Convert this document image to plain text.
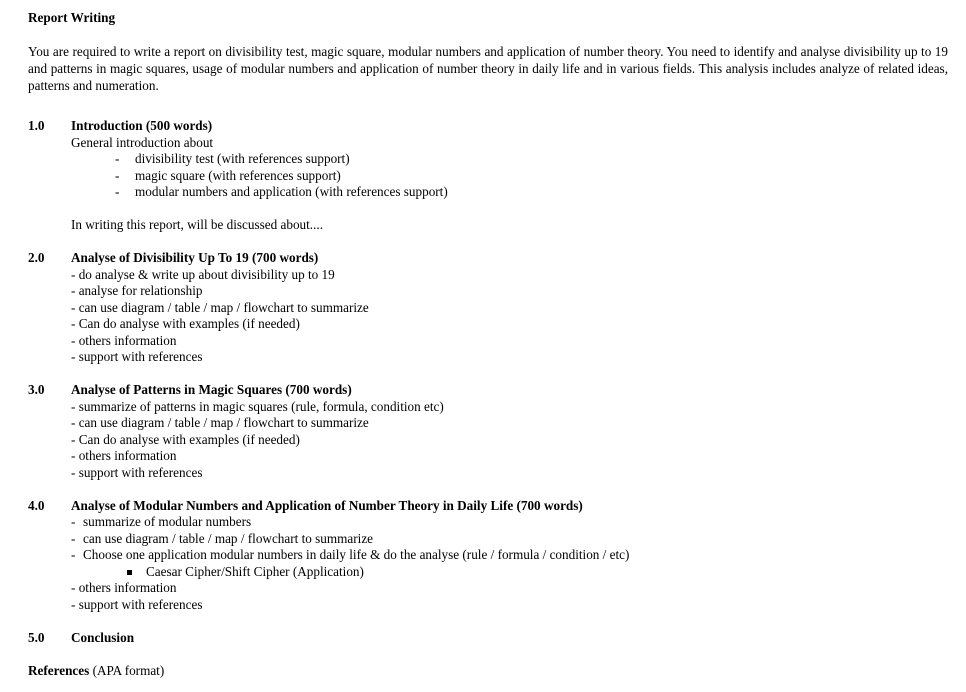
Report Writing
You are required to write a report on divisibility test, magic square, modular numbers and application of number theory. You need to identify and analyse divisibility up to 19 and patterns in magic squares, usage of modular numbers and application of number theory in daily life and in various fields. This analysis includes analyze of related ideas, patterns and numeration.
1.0 Introduction (500 words)
General introduction about
- divisibility test (with references support)
- magic square (with references support)
- modular numbers and application (with references support)
In writing this report, will be discussed about....
2.0 Analyse of Divisibility Up To 19 (700 words)
- do analyse & write up about divisibility up to 19
- analyse for relationship
- can use diagram / table / map / flowchart to summarize
- Can do analyse with examples (if needed)
- others information
- support with references
3.0 Analyse of Patterns in Magic Squares (700 words)
- summarize of patterns in magic squares (rule, formula, condition etc)
- can use diagram / table / map / flowchart to summarize
- Can do analyse with examples (if needed)
- others information
- support with references
4.0 Analyse of Modular Numbers and Application of Number Theory in Daily Life (700 words)
- summarize of modular numbers
- can use diagram / table / map / flowchart to summarize
- Choose one application modular numbers in daily life & do the analyse (rule / formula / condition / etc)
Caesar Cipher/Shift Cipher (Application)
- others information
- support with references
5.0 Conclusion
References (APA format)
